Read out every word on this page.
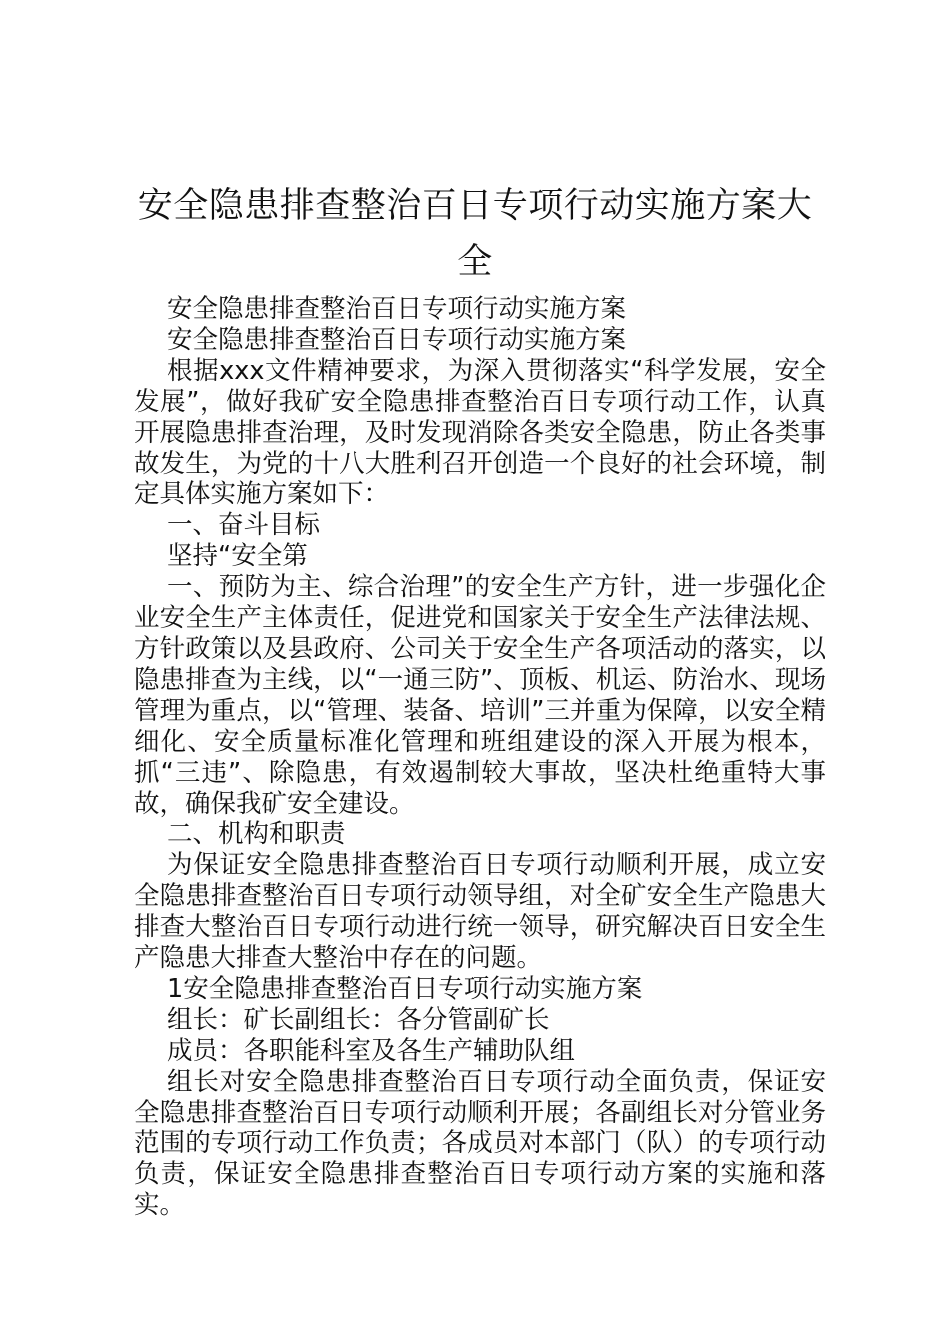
安全隐患排查整治百日专项行动实施方案大
全

安全隐患排查整治百日专项行动实施方案

安全隐患排查整治百日专项行动实施方案

根据xxx文件精神要求，为深入贯彻落实“科学发展，安全发展”，做好我矿安全隐患排查整治百日专项行动工作，认真开展隐患排查治理，及时发现消除各类安全隐患，防止各类事故发生，为党的十八大胜利召开创造一个良好的社会环境，制定具体实施方案如下：

一、奋斗目标

坚持“安全第

一、预防为主、综合治理”的安全生产方针，进一步强化企业安全生产主体责任，促进党和国家关于安全生产法律法规、方针政策以及县政府、公司关于安全生产各项活动的落实，以隐患排查为主线，以“一通三防”、顶板、机运、防治水、现场管理为重点，以“管理、装备、培训”三并重为保障，以安全精细化、安全质量标准化管理和班组建设的深入开展为根本，抓“三违”、除隐患，有效遏制较大事故，坚决杜绝重特大事故，确保我矿安全建设。

二、机构和职责

为保证安全隐患排查整治百日专项行动顺利开展，成立安全隐患排查整治百日专项行动领导组，对全矿安全生产隐患大排查大整治百日专项行动进行统一领导，研究解决百日安全生产隐患大排查大整治中存在的问题。

1安全隐患排查整治百日专项行动实施方案

组长：矿长副组长：各分管副矿长

成员：各职能科室及各生产辅助队组

组长对安全隐患排查整治百日专项行动全面负责，保证安全隐患排查整治百日专项行动顺利开展；各副组长对分管业务范围的专项行动工作负责；各成员对本部门（队）的专项行动负责，保证安全隐患排查整治百日专项行动方案的实施和落实。
